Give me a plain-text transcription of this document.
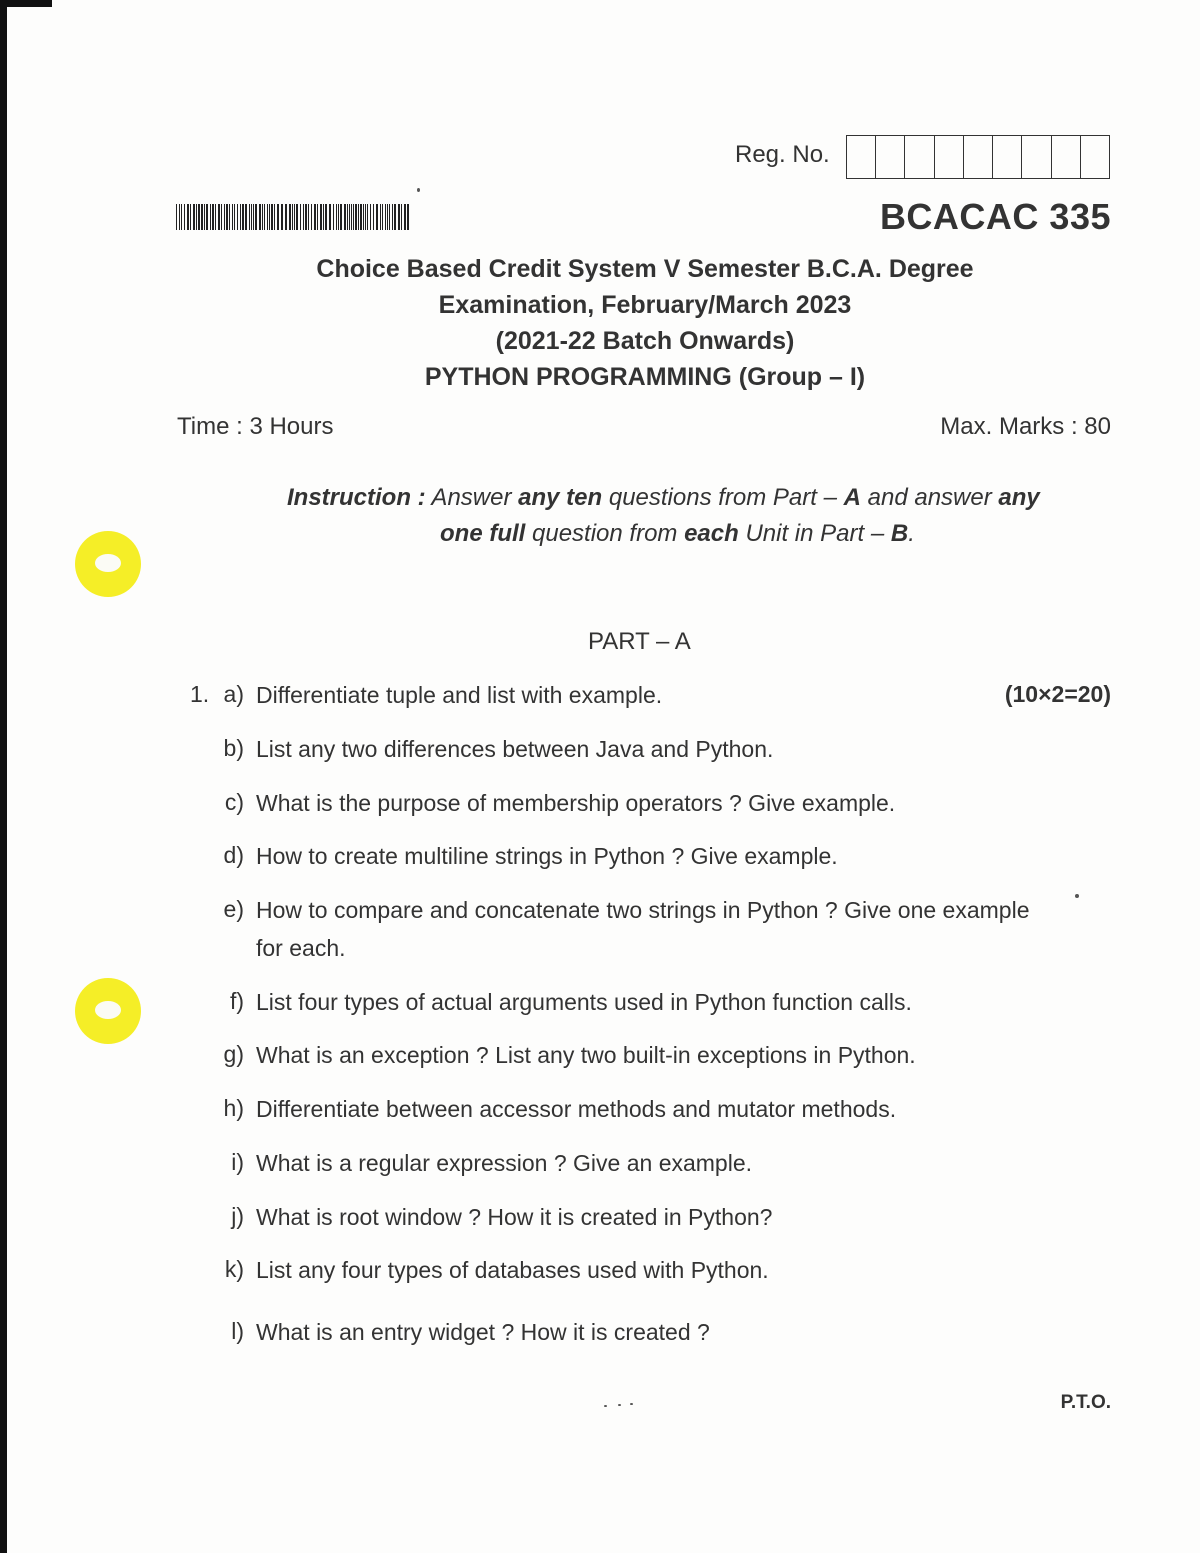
Reg. No.
BCACAC 335
Choice Based Credit System V Semester B.C.A. Degree
Examination, February/March 2023
(2021-22 Batch Onwards)
PYTHON PROGRAMMING (Group – I)
Time : 3 Hours	Max. Marks : 80
Instruction : Answer any ten questions from Part – A and answer any
one full question from each Unit in Part – B.
PART – A
1.	(10×2=20)
a) Differentiate tuple and list with example.
b) List any two differences between Java and Python.
c) What is the purpose of membership operators ? Give example.
d) How to create multiline strings in Python ? Give example.
e) How to compare and concatenate two strings in Python ? Give one example
for each.
f) List four types of actual arguments used in Python function calls.
g) What is an exception ? List any two built-in exceptions in Python.
h) Differentiate between accessor methods and mutator methods.
i) What is a regular expression ? Give an example.
j) What is root window ? How it is created in Python?
k) List any four types of databases used with Python.
l) What is an entry widget ? How it is created ?
P.T.O.
